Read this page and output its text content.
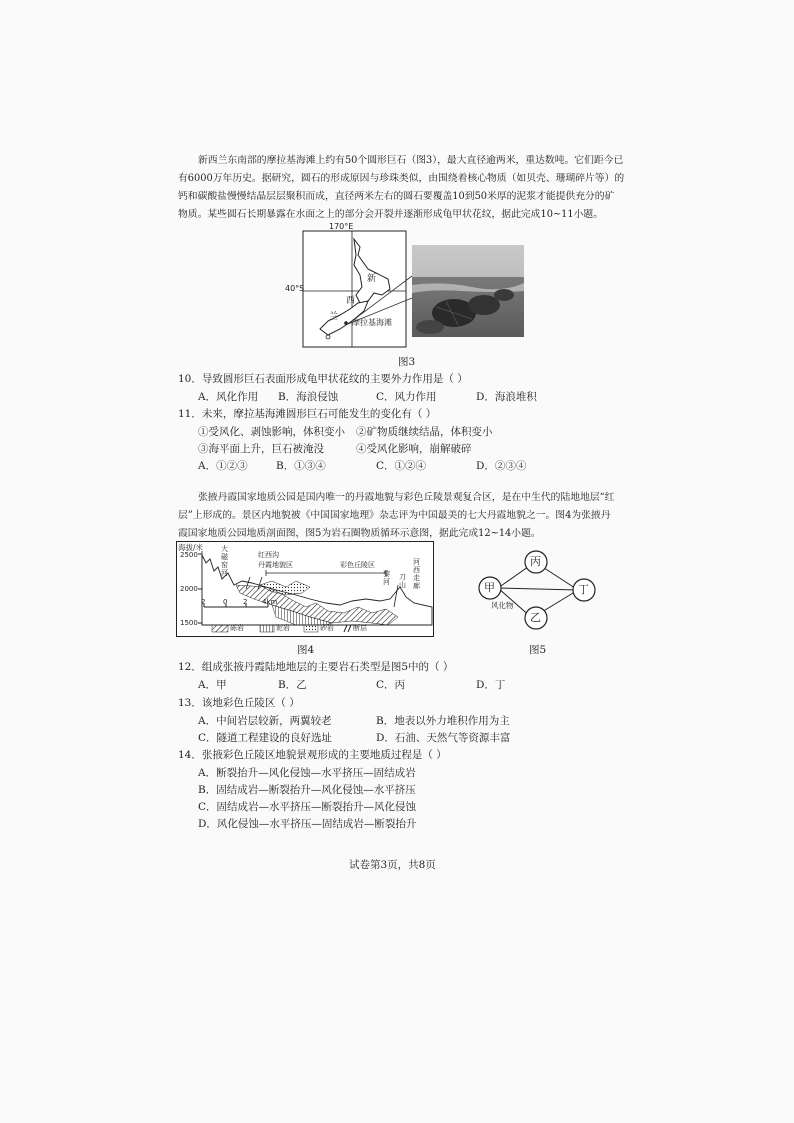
新西兰东南部的摩拉基海滩上约有50个圆形巨石（图3），最大直径逾两米，重达数吨。它们距今已
有6000万年历史。据研究，圆石的形成原因与珍珠类似，由围绕着核心物质（如贝壳、珊瑚碎片等）的
钙和碳酸盐慢慢结晶层层聚积而成，直径两米左右的圆石要覆盖10到50米厚的泥浆才能提供充分的矿
物质。某些圆石长期暴露在水面之上的部分会开裂并逐渐形成龟甲状花纹，据此完成10~11小题。
170°E
40°S
新
西
兰
摩拉基海滩
图3
10．导致圆形巨石表面形成龟甲状花纹的主要外力作用是（ ）
A．风化作用 B．海浪侵蚀	C．风力作用	D．海浪堆积
11．未来，摩拉基海滩圆形巨石可能发生的变化有（ ）
①受风化、剥蚀影响，体积变小 ②矿物质继续结晶，体积变小
③海平面上升，巨石被淹没	④受风化影响，崩解破碎
A．①②③	B．①③④	C．①②④	D．②③④
张掖丹霞国家地质公园是国内唯一的丹霞地貌与彩色丘陵景观复合区，是在中生代的陆地地层“红
层”上形成的。景区内地貌被《中国国家地理》杂志评为中国最美的七大丹霞地貌之一。图4为张掖丹
霞国家地质公园地质剖面图，图5为岩石圈物质循环示意图，据此完成12~14小题。
海拔/米
2500
2000
1500
大磁窑河
红西沟
丹霞地貌区	彩色丘陵区
黎河
刀山
河西走廊
2	0 2 4km
砾岩	泥岩	砂岩	断层
图4
丙
甲	丁
乙
风化物
图5
12．组成张掖丹霞陆地地层的主要岩石类型是图5中的（ ）
A．甲	B．乙	C．丙	D．丁
13．该地彩色丘陵区（ ）
A．中间岩层较新，两翼较老	B．地表以外力堆积作用为主
C．隧道工程建设的良好选址	D．石油、天然气等资源丰富
14．张掖彩色丘陵区地貌景观形成的主要地质过程是（ ）
A．断裂抬升—风化侵蚀—水平挤压—固结成岩
B．固结成岩—断裂抬升—风化侵蚀—水平挤压
C．固结成岩—水平挤压—断裂抬升—风化侵蚀
D．风化侵蚀—水平挤压—固结成岩—断裂抬升
试卷第3页，共8页
